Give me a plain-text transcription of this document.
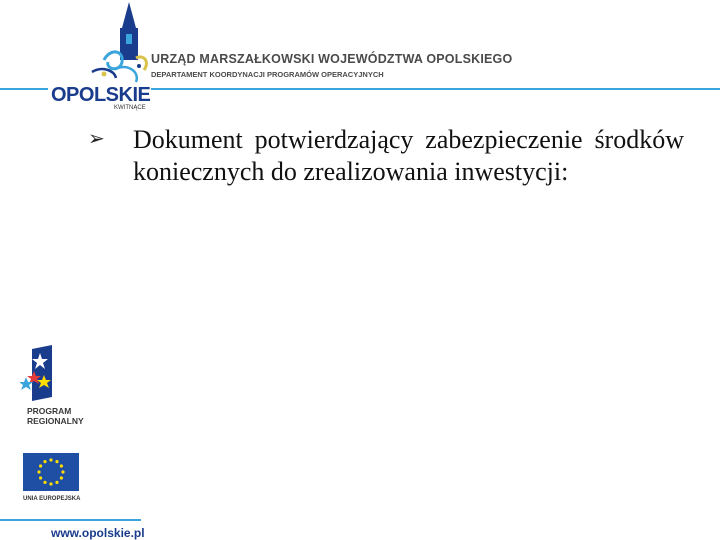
OPOLSKIE
KWITNĄCE
URZĄD MARSZAŁKOWSKI WOJEWÓDZTWA OPOLSKIEGO
DEPARTAMENT KOORDYNACJI PROGRAMÓW OPERACYJNYCH
➢ Dokument potwierdzający zabezpieczenie środków koniecznych do zrealizowania inwestycji:
PROGRAM
REGIONALNY
UNIA EUROPEJSKA
www.opolskie.pl
